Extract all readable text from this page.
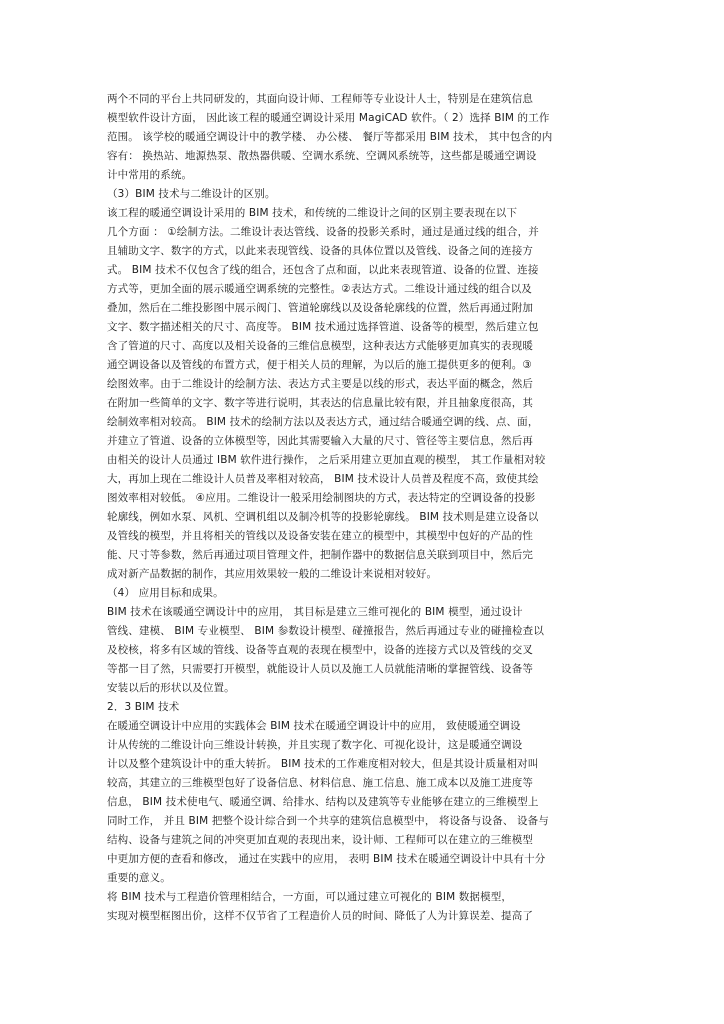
两个不同的平台上共同研发的，其面向设计师、工程师等专业设计人士，特别是在建筑信息
模型软件设计方面， 因此该工程的暖通空调设计采用 MagiCAD 软件。（ 2）选择 BIM 的工作
范围。 该学校的暖通空调设计中的教学楼、 办公楼、 餐厅等都采用 BIM 技术， 其中包含的内
容有： 换热站、地源热泵、散热器供暖、空调水系统、空调风系统等，这些都是暖通空调设
计中常用的系统。
（3）BIM 技术与二维设计的区别。
该工程的暖通空调设计采用的 BIM 技术，和传统的二维设计之间的区别主要表现在以下
几个方面 ： ①绘制方法。二维设计表达管线、设备的投影关系时，通过是通过线的组合，并
且辅助文字、数字的方式，以此来表现管线、设备的具体位置以及管线、设备之间的连接方
式。 BIM 技术不仅包含了线的组合，还包含了点和面，以此来表现管道、设备的位置、连接
方式等，更加全面的展示暖通空调系统的完整性。②表达方式。二维设计通过线的组合以及
叠加，然后在二维投影图中展示阀门、管道轮廓线以及设备轮廓线的位置，然后再通过附加
文字、数字描述相关的尺寸、高度等。 BIM 技术通过选择管道、设备等的模型，然后建立包
含了管道的尺寸、高度以及相关设备的三维信息模型，这种表达方式能够更加真实的表现暖
通空调设备以及管线的布置方式，便于相关人员的理解，为以后的施工提供更多的便利。③
绘图效率。由于二维设计的绘制方法、表达方式主要是以线的形式，表达平面的概念，然后
在附加一些简单的文字、数字等进行说明，其表达的信息量比较有限，并且抽象度很高，其
绘制效率相对较高。 BIM 技术的绘制方法以及表达方式，通过结合暖通空调的线、点、面，
并建立了管道、设备的立体模型等，因此其需要输入大量的尺寸、管径等主要信息，然后再
由相关的设计人员通过 IBM 软件进行操作， 之后采用建立更加直观的模型， 其工作量相对较
大，再加上现在二维设计人员普及率相对较高， BIM 技术设计人员普及程度不高，致使其绘
图效率相对较低。 ④应用。二维设计一般采用绘制图块的方式，表达特定的空调设备的投影
轮廓线，例如水泵、风机、空调机组以及制冷机等的投影轮廓线。 BIM 技术则是建立设备以
及管线的模型，并且将相关的管线以及设备安装在建立的模型中，其模型中包好的产品的性
能、尺寸等参数，然后再通过项目管理文件，把制作器中的数据信息关联到项目中，然后完
成对新产品数据的制作，其应用效果较一般的二维设计来说相对较好。
（4） 应用目标和成果。
BIM 技术在该暖通空调设计中的应用， 其目标是建立三维可视化的 BIM 模型，通过设计
管线、建模、 BIM 专业模型、 BIM 参数设计模型、碰撞报告，然后再通过专业的碰撞检查以
及校核，将多有区域的管线、设备等直观的表现在模型中，设备的连接方式以及管线的交叉
等都一目了然，只需要打开模型，就能设计人员以及施工人员就能清晰的掌握管线、设备等
安装以后的形状以及位置。
2．3 BIM 技术
在暖通空调设计中应用的实践体会 BIM 技术在暖通空调设计中的应用， 致使暖通空调设
计从传统的二维设计向三维设计转换，并且实现了数字化、可视化设计，这是暖通空调设
计以及整个建筑设计中的重大转折。 BIM 技术的工作难度相对较大，但是其设计质量相对叫
较高，其建立的三维模型包好了设备信息、材料信息、施工信息、施工成本以及施工进度等
信息， BIM 技术使电气、暖通空调、给排水、结构以及建筑等专业能够在建立的三维模型上
同时工作， 并且 BIM 把整个设计综合到一个共享的建筑信息模型中， 将设备与设备、 设备与
结构、设备与建筑之间的冲突更加直观的表现出来，设计师、工程师可以在建立的三维模型
中更加方便的查看和修改， 通过在实践中的应用， 表明 BIM 技术在暖通空调设计中具有十分
重要的意义。
将 BIM 技术与工程造价管理相结合，一方面，可以通过建立可视化的 BIM 数据模型，
实现对模型框图出价，这样不仅节省了工程造价人员的时间、降低了人为计算误差、提高了
